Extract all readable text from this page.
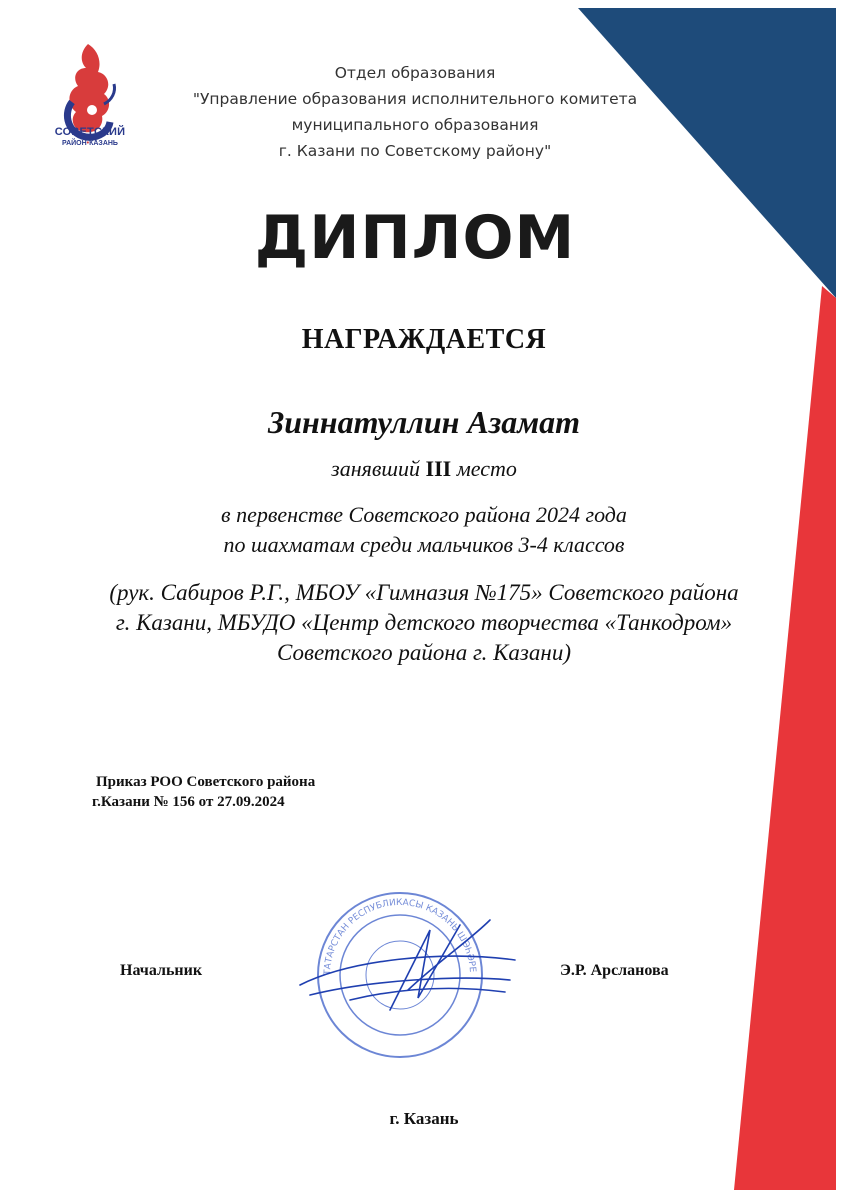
СОВЕТСКИЙ
РАЙОН•КАЗАНЬ
Отдел образования
"Управление образования исполнительного комитета
муниципального образования
г. Казани по Советскому району"
ДИПЛОМ
НАГРАЖДАЕТСЯ
Зиннатуллин Азамат
занявший III место
в первенстве Советского района 2024 года
по шахматам среди мальчиков 3-4 классов
(рук. Сабиров Р.Г., МБОУ «Гимназия №175» Советского района
г. Казани, МБУДО «Центр детского творчества «Танкодром»
Советского района г. Казани)
Приказ РОО Советского района
г.Казани № 156 от 27.09.2024
ТАТАРСТАН РЕСПУБЛИКАСЫ КАЗАНЬ ШӘҺӘРЕ
Начальник	Э.Р. Арсланова
г. Казань
